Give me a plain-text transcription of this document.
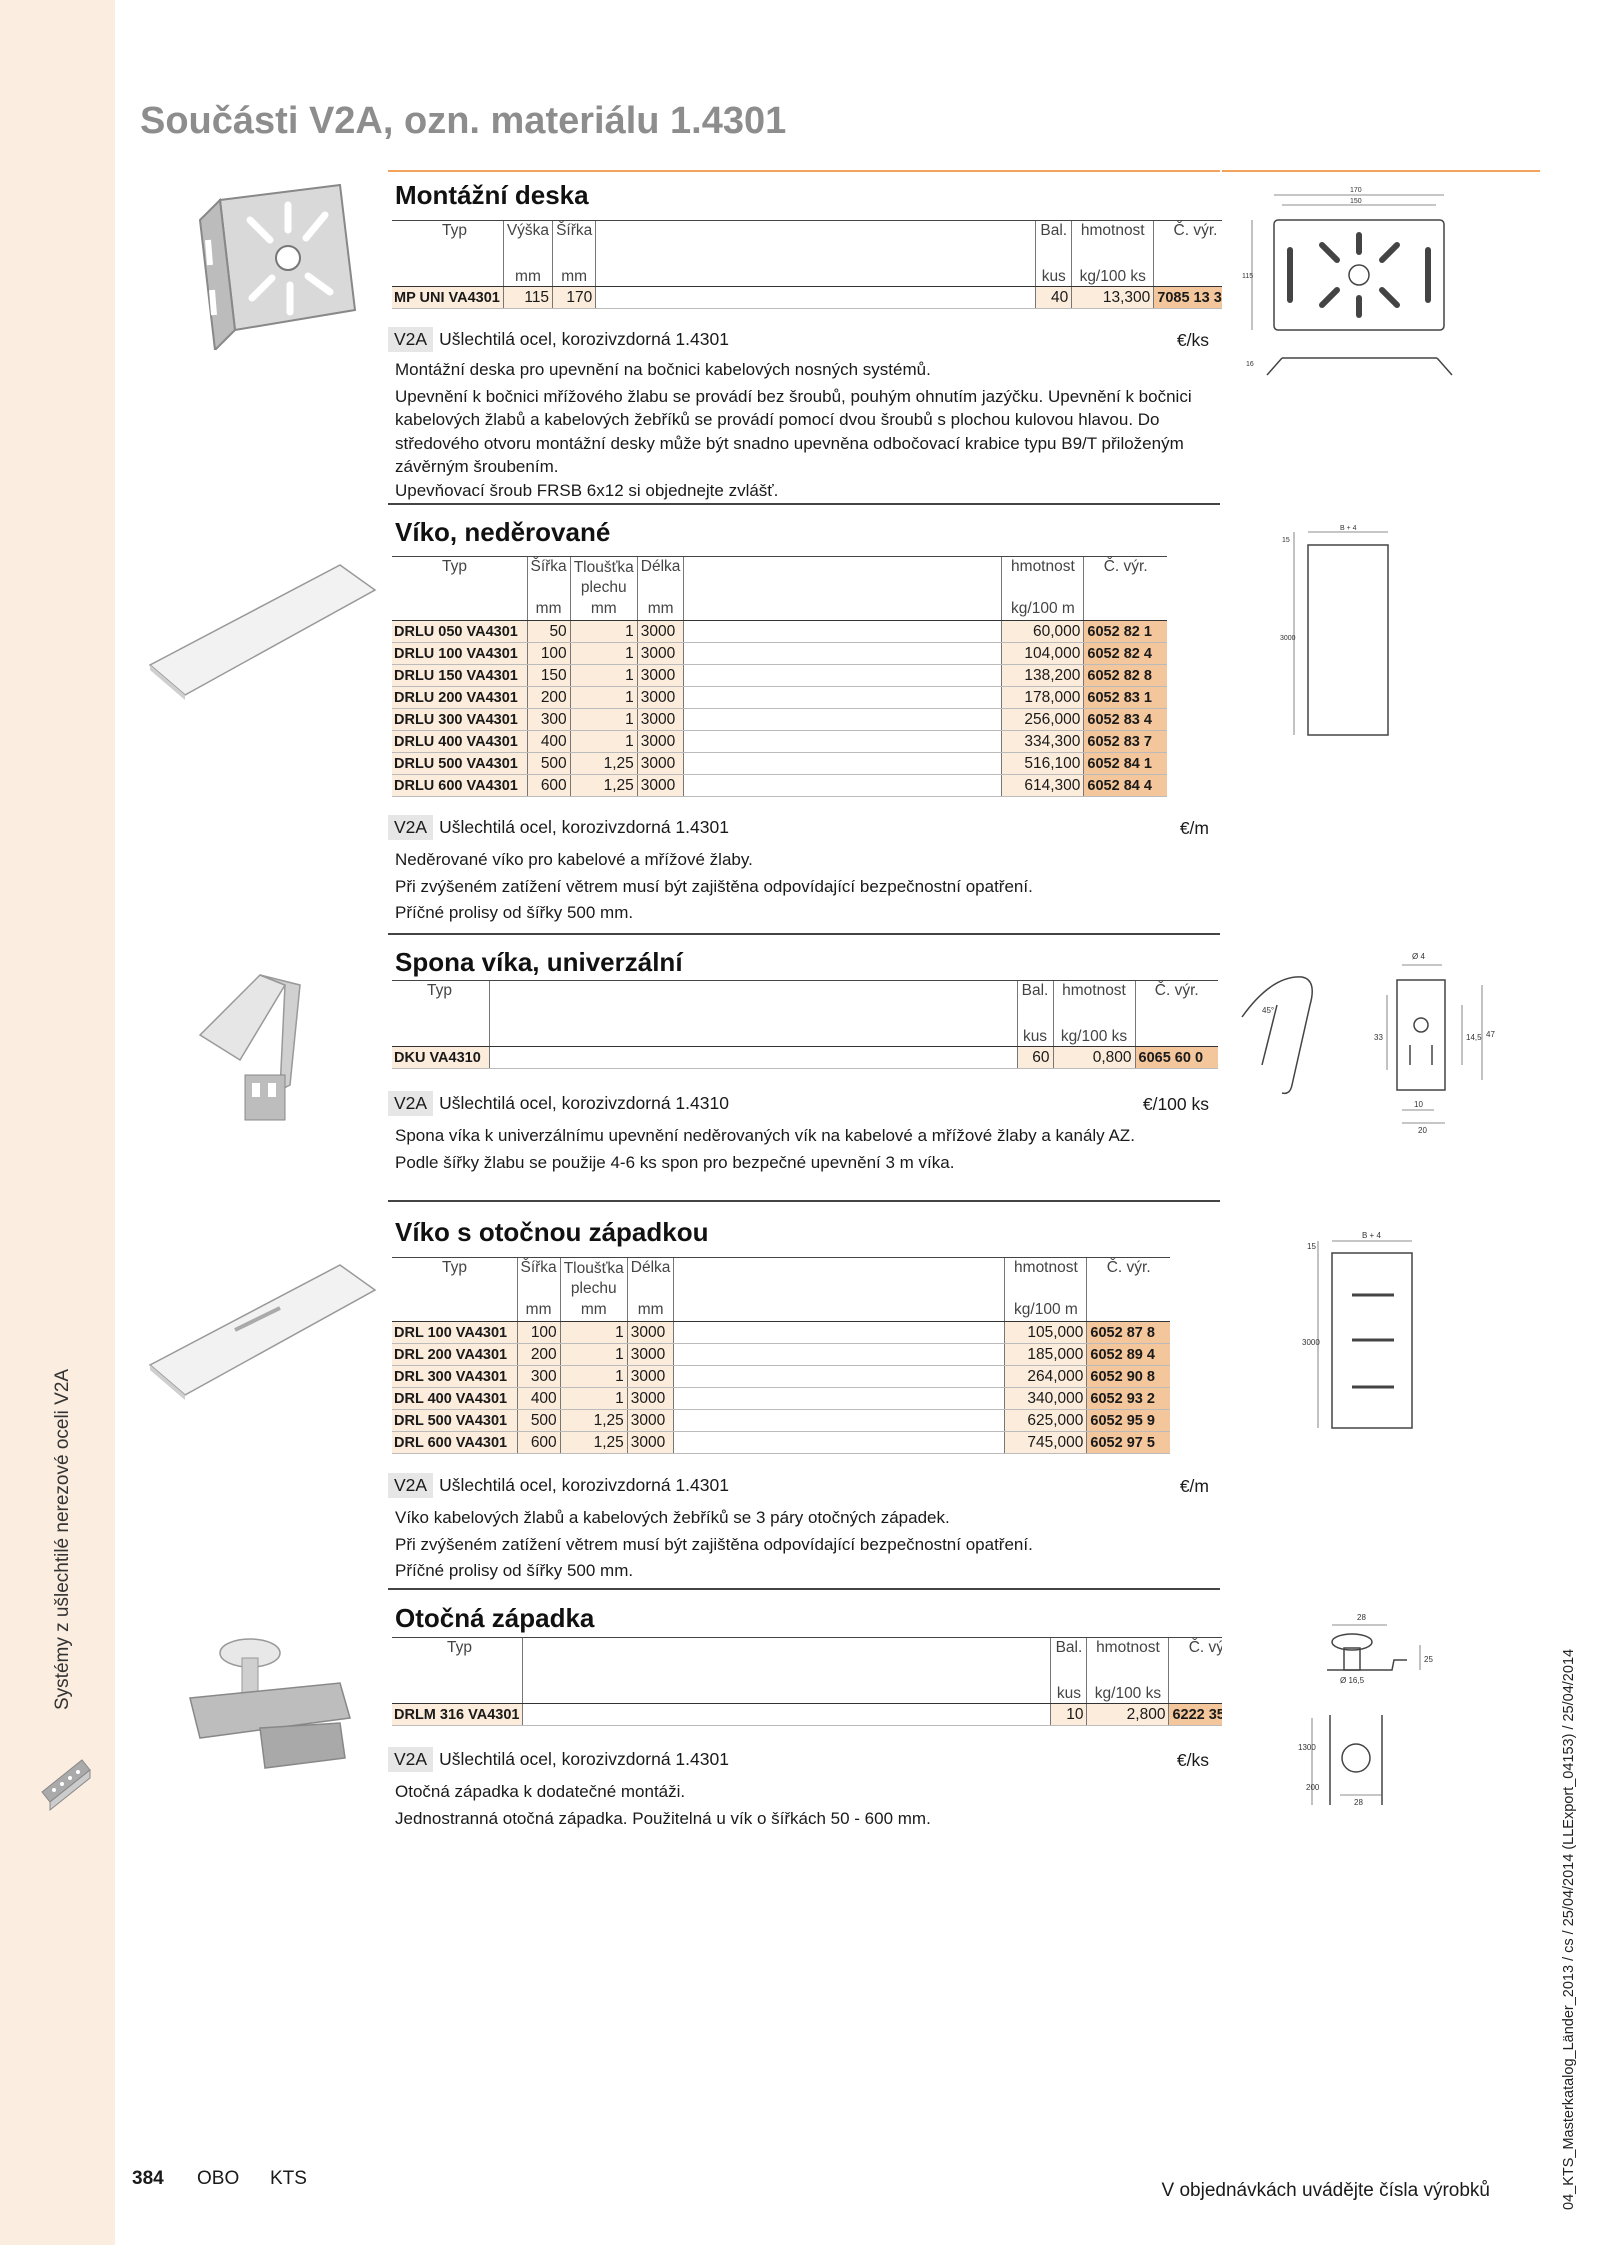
Systémy z ušlechtilé nerezové oceli V2A
04_KTS_Masterkatalog_Länder_2013 / cs / 25/04/2014 (LLExport_04153) / 25/04/2014
Součásti V2A, ozn. materiálu 1.4301
Montážní deska
Typ	Výška	Šířka		Bal.	hmotnost	Č. výr.
	mm	mm		kus	kg/100 ks	
MP UNI VA4301	115	170		40	13,300	7085 13 3
V2A Ušlechtilá ocel, korozivzdorná 1.4301	€/ks

Montážní deska pro upevnění na bočnici kabelových nosných systémů.

Upevnění k bočnici mřížového žlabu se provádí bez šroubů, pouhým ohnutím jazýčku. Upevnění k bočnici kabelových žlabů a kabelových žebříků se provádí pomocí dvou šroubů s plochou kulovou hlavou. Do středového otvoru montážní desky může být snadno upevněna odbočovací krabice typu B9/T přiloženým závěrným šroubením.

Upevňovací šroub FRSB 6x12 si objednejte zvlášť.

170
150
115
16
Víko, neděrované
Typ	Šířka	Tloušťka plechu	Délka		hmotnost	Č. výr.
	mm	mm	mm		kg/100 m	
DRLU 050 VA4301	50	1	3000		60,000	6052 82 1
DRLU 100 VA4301	100	1	3000		104,000	6052 82 4
DRLU 150 VA4301	150	1	3000		138,200	6052 82 8
DRLU 200 VA4301	200	1	3000		178,000	6052 83 1
DRLU 300 VA4301	300	1	3000		256,000	6052 83 4
DRLU 400 VA4301	400	1	3000		334,300	6052 83 7
DRLU 500 VA4301	500	1,25	3000		516,100	6052 84 1
DRLU 600 VA4301	600	1,25	3000		614,300	6052 84 4
V2A Ušlechtilá ocel, korozivzdorná 1.4301	€/m

Neděrované víko pro kabelové a mřížové žlaby.

Při zvýšeném zatížení větrem musí být zajištěna odpovídající bezpečnostní opatření.

Příčné prolisy od šířky 500 mm.

B + 4
15
3000
Spona víka, univerzální
Typ		Bal.	hmotnost	Č. výr.
		kus	kg/100 ks	
DKU VA4310		60	0,800	6065 60 0
V2A Ušlechtilá ocel, korozivzdorná 1.4310	€/100 ks

Spona víka k univerzálnímu upevnění neděrovaných vík na kabelové a mřížové žlaby a kanály AZ.

Podle šířky žlabu se použije 4-6 ks spon pro bezpečné upevnění 3 m víka.

45°
Ø 4
33	14,5 47
10
20
Víko s otočnou západkou
Typ	Šířka	Tloušťka plechu	Délka		hmotnost	Č. výr.
	mm	mm	mm		kg/100 m	
DRL 100 VA4301	100	1	3000		105,000	6052 87 8
DRL 200 VA4301	200	1	3000		185,000	6052 89 4
DRL 300 VA4301	300	1	3000		264,000	6052 90 8
DRL 400 VA4301	400	1	3000		340,000	6052 93 2
DRL 500 VA4301	500	1,25	3000		625,000	6052 95 9
DRL 600 VA4301	600	1,25	3000		745,000	6052 97 5
V2A Ušlechtilá ocel, korozivzdorná 1.4301	€/m

Víko kabelových žlabů a kabelových žebříků se 3 páry otočných západek.

Při zvýšeném zatížení větrem musí být zajištěna odpovídající bezpečnostní opatření.

Příčné prolisy od šířky 500 mm.

B + 4
15
3000
Otočná západka
Typ		Bal.	hmotnost	Č. výr.
		kus	kg/100 ks	
DRLM 316 VA4301		10	2,800	6222 35 8
V2A Ušlechtilá ocel, korozivzdorná 1.4301	€/ks

Otočná západka k dodatečné montáži.

Jednostranná otočná západka. Použitelná u vík o šířkách 50 - 600 mm.

28
Ø 16,5
25
1300
200
28
384 OBO KTS
V objednávkách uvádějte čísla výrobků
